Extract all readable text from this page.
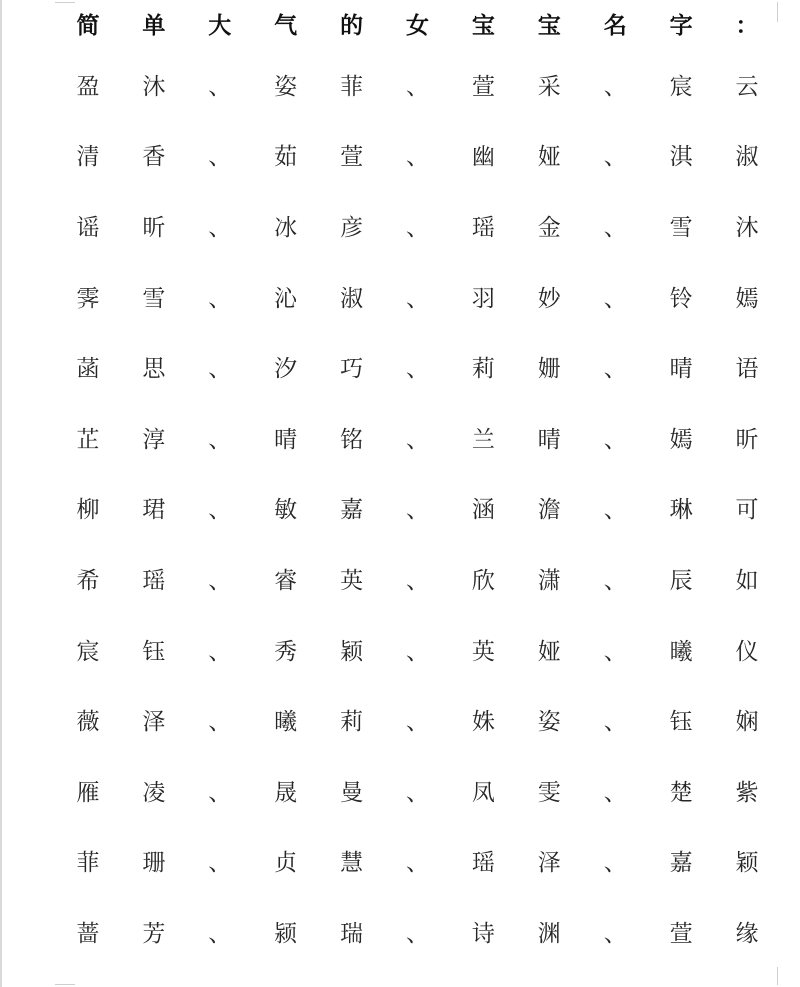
简	单	大	气	的	女	宝	宝	名	字	：
盈	沐	、	姿	菲	、	萱	采	、	宸	云
清	香	、	茹	萱	、	幽	娅	、	淇	淑
谣	昕	、	冰	彦	、	瑶	金	、	雪	沐
霁	雪	、	沁	淑	、	羽	妙	、	铃	嫣
菡	思	、	汐	巧	、	莉	姗	、	晴	语
芷	淳	、	晴	铭	、	兰	晴	、	嫣	昕
柳	珺	、	敏	嘉	、	涵	澹	、	琳	可
希	瑶	、	睿	英	、	欣	潇	、	辰	如
宸	钰	、	秀	颖	、	英	娅	、	曦	仪
薇	泽	、	曦	莉	、	姝	姿	、	钰	娴
雁	凌	、	晟	曼	、	凤	雯	、	楚	紫
菲	珊	、	贞	慧	、	瑶	泽	、	嘉	颖
蔷	芳	、	颍	瑞	、	诗	渊	、	萱	缘
